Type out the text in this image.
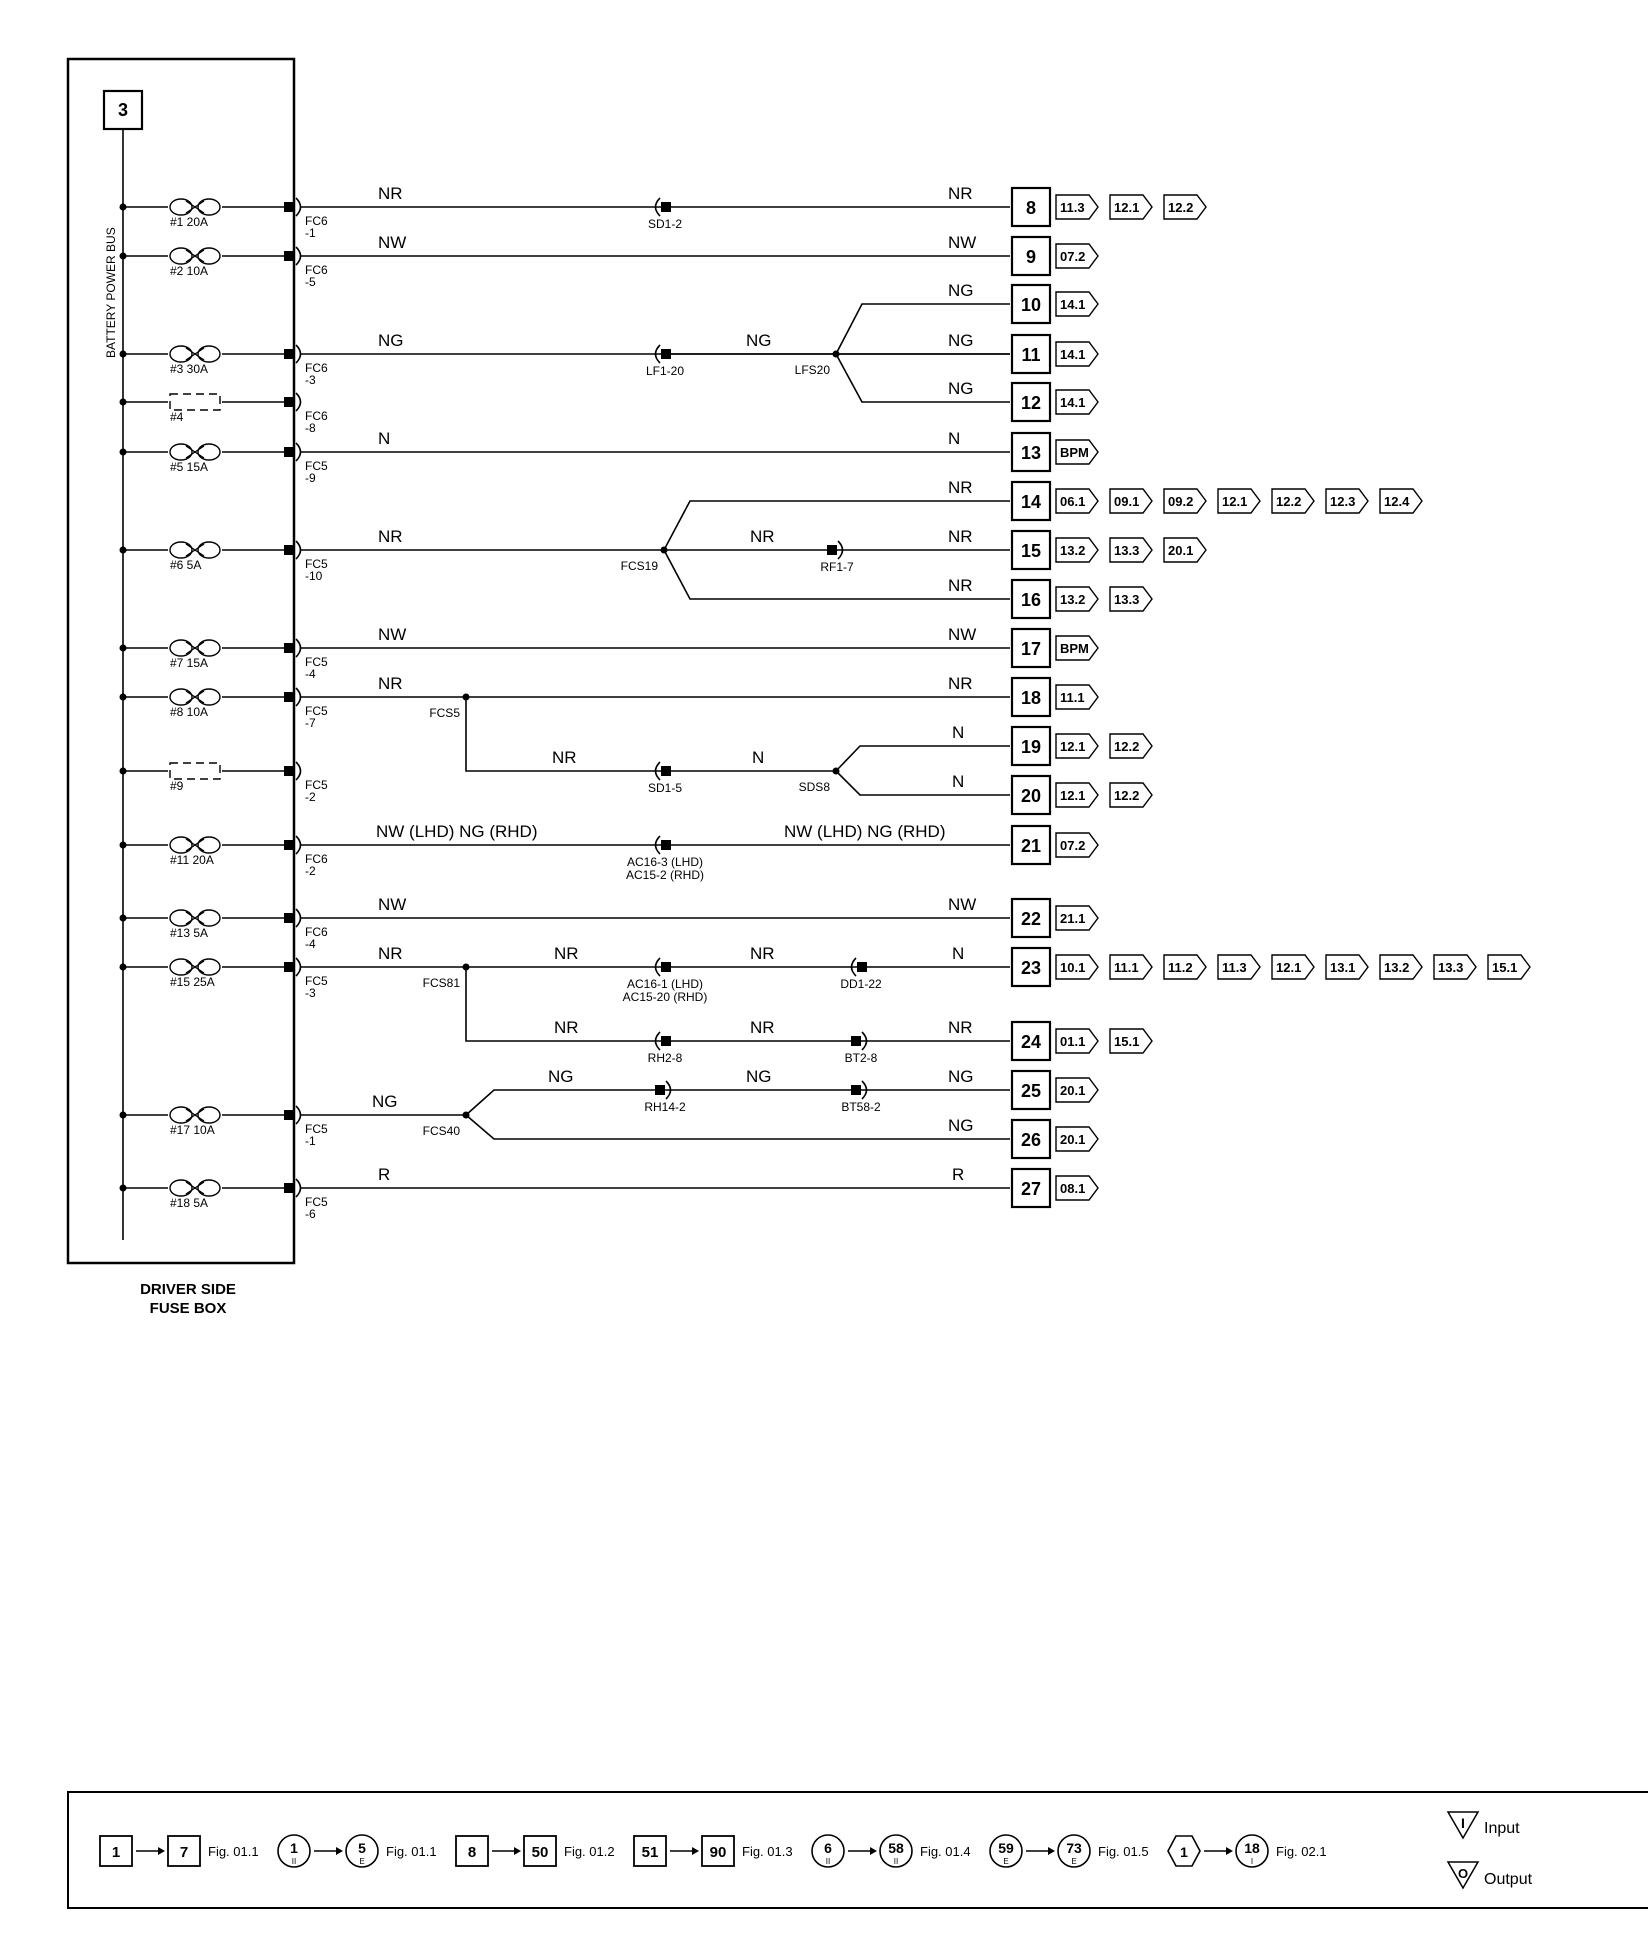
3
BATTERY POWER BUS
DRIVER SIDE
FUSE BOX
#1 20A	FC6
-1
NR	NR
SD1-2
8 11.3 12.1 12.2
#2 10A	FC6
-5
NW	NW
9 07.2
NG
10 14.1
#3 30A	FC6
-3
NG	NG	NG
LF1-20	LFS20
11 14.1
#4	FC6
-8
NG
12 14.1
#5 15A	FC5
-9
N	N
13 BPM
NR
14 06.1 09.1 09.2 12.1 12.2 12.3 12.4
#6 5A	FC5
-10
NR	NR	NR
RF1-7
FCS19
15 13.2 13.3 20.1
NR
16 13.2 13.3
#7 15A	FC5
-4
NW	NW
17 BPM
#8 10A	FC5
-7
NR	NR
FCS5
18 11.1
N
19 12.1 12.2
#9	FC5
-2
NR	N
SD1-5	SDS8	N
20 12.1 12.2
#11 20A	FC6
-2
NW (LHD) NG (RHD)	NW (LHD) NG (RHD)
AC16-3 (LHD)
AC15-2 (RHD)
21 07.2
#13 5A	FC6
-4
NW	NW
22 21.1
#15 25A	FC5
-3
NR	NR	NR	N
AC16-1 (LHD)
AC15-20 (RHD)
DD1-22
FCS81
23 10.1 11.1 11.2 11.3 12.1 13.1 13.2 13.3 15.1
NR	NR	NR
RH2-8	BT2-8
24 01.1 15.1
NG	NG	NG
RH14-2	BT58-2
25 20.1
#17 10A	FC5
-1
NG
FCS40	NG
26 20.1
#18 5A	FC5
-6
R	R
27 08.1
1	7 Fig. 01.1 1
II
5
E
Fig. 01.1 8	50 Fig. 01.2 51	90 Fig. 01.3 6
II
58
II
Fig. 01.4 59
E
73
E
Fig. 01.5 1	18
I
Fig. 02.1
I Input
O Output
